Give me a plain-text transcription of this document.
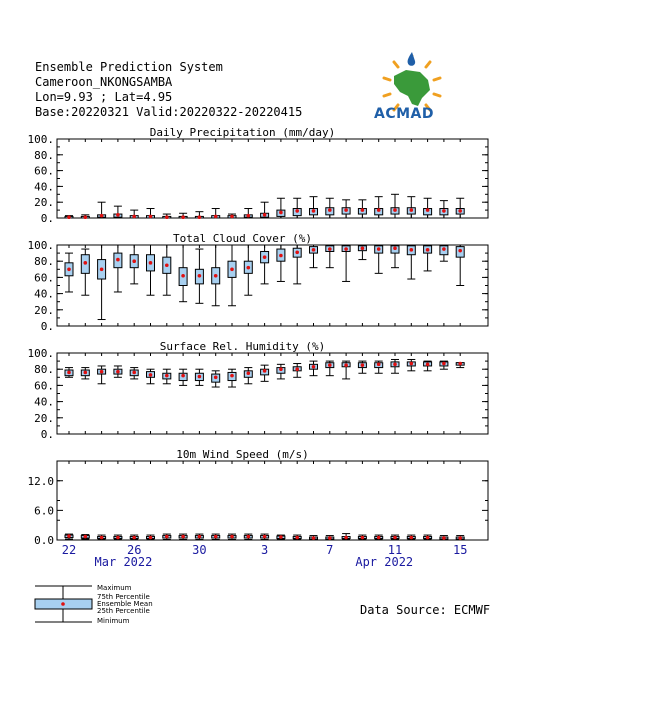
Ensemble Prediction System
Cameroon_NKONGSAMBA
Lon=9.93 ; Lat=4.95
Base:20220321 Valid:20220322-20220415	ACMAD
Daily Precipitation (mm/day)
0.
20.
40.
60.
80.
100.
Total Cloud Cover (%)
0.
20.
40.
60.
80.
100.
Surface Rel. Humidity (%)
0.
20.
40.
60.
80.
100.
10m Wind Speed (m/s)
0.0
6.0
12.0
22	26	30	3	7	11	15
Mar 2022	Apr 2022
Maximum
75th Percentile
Ensemble Mean
25th Percentile
Minimum
Data Source: ECMWF
